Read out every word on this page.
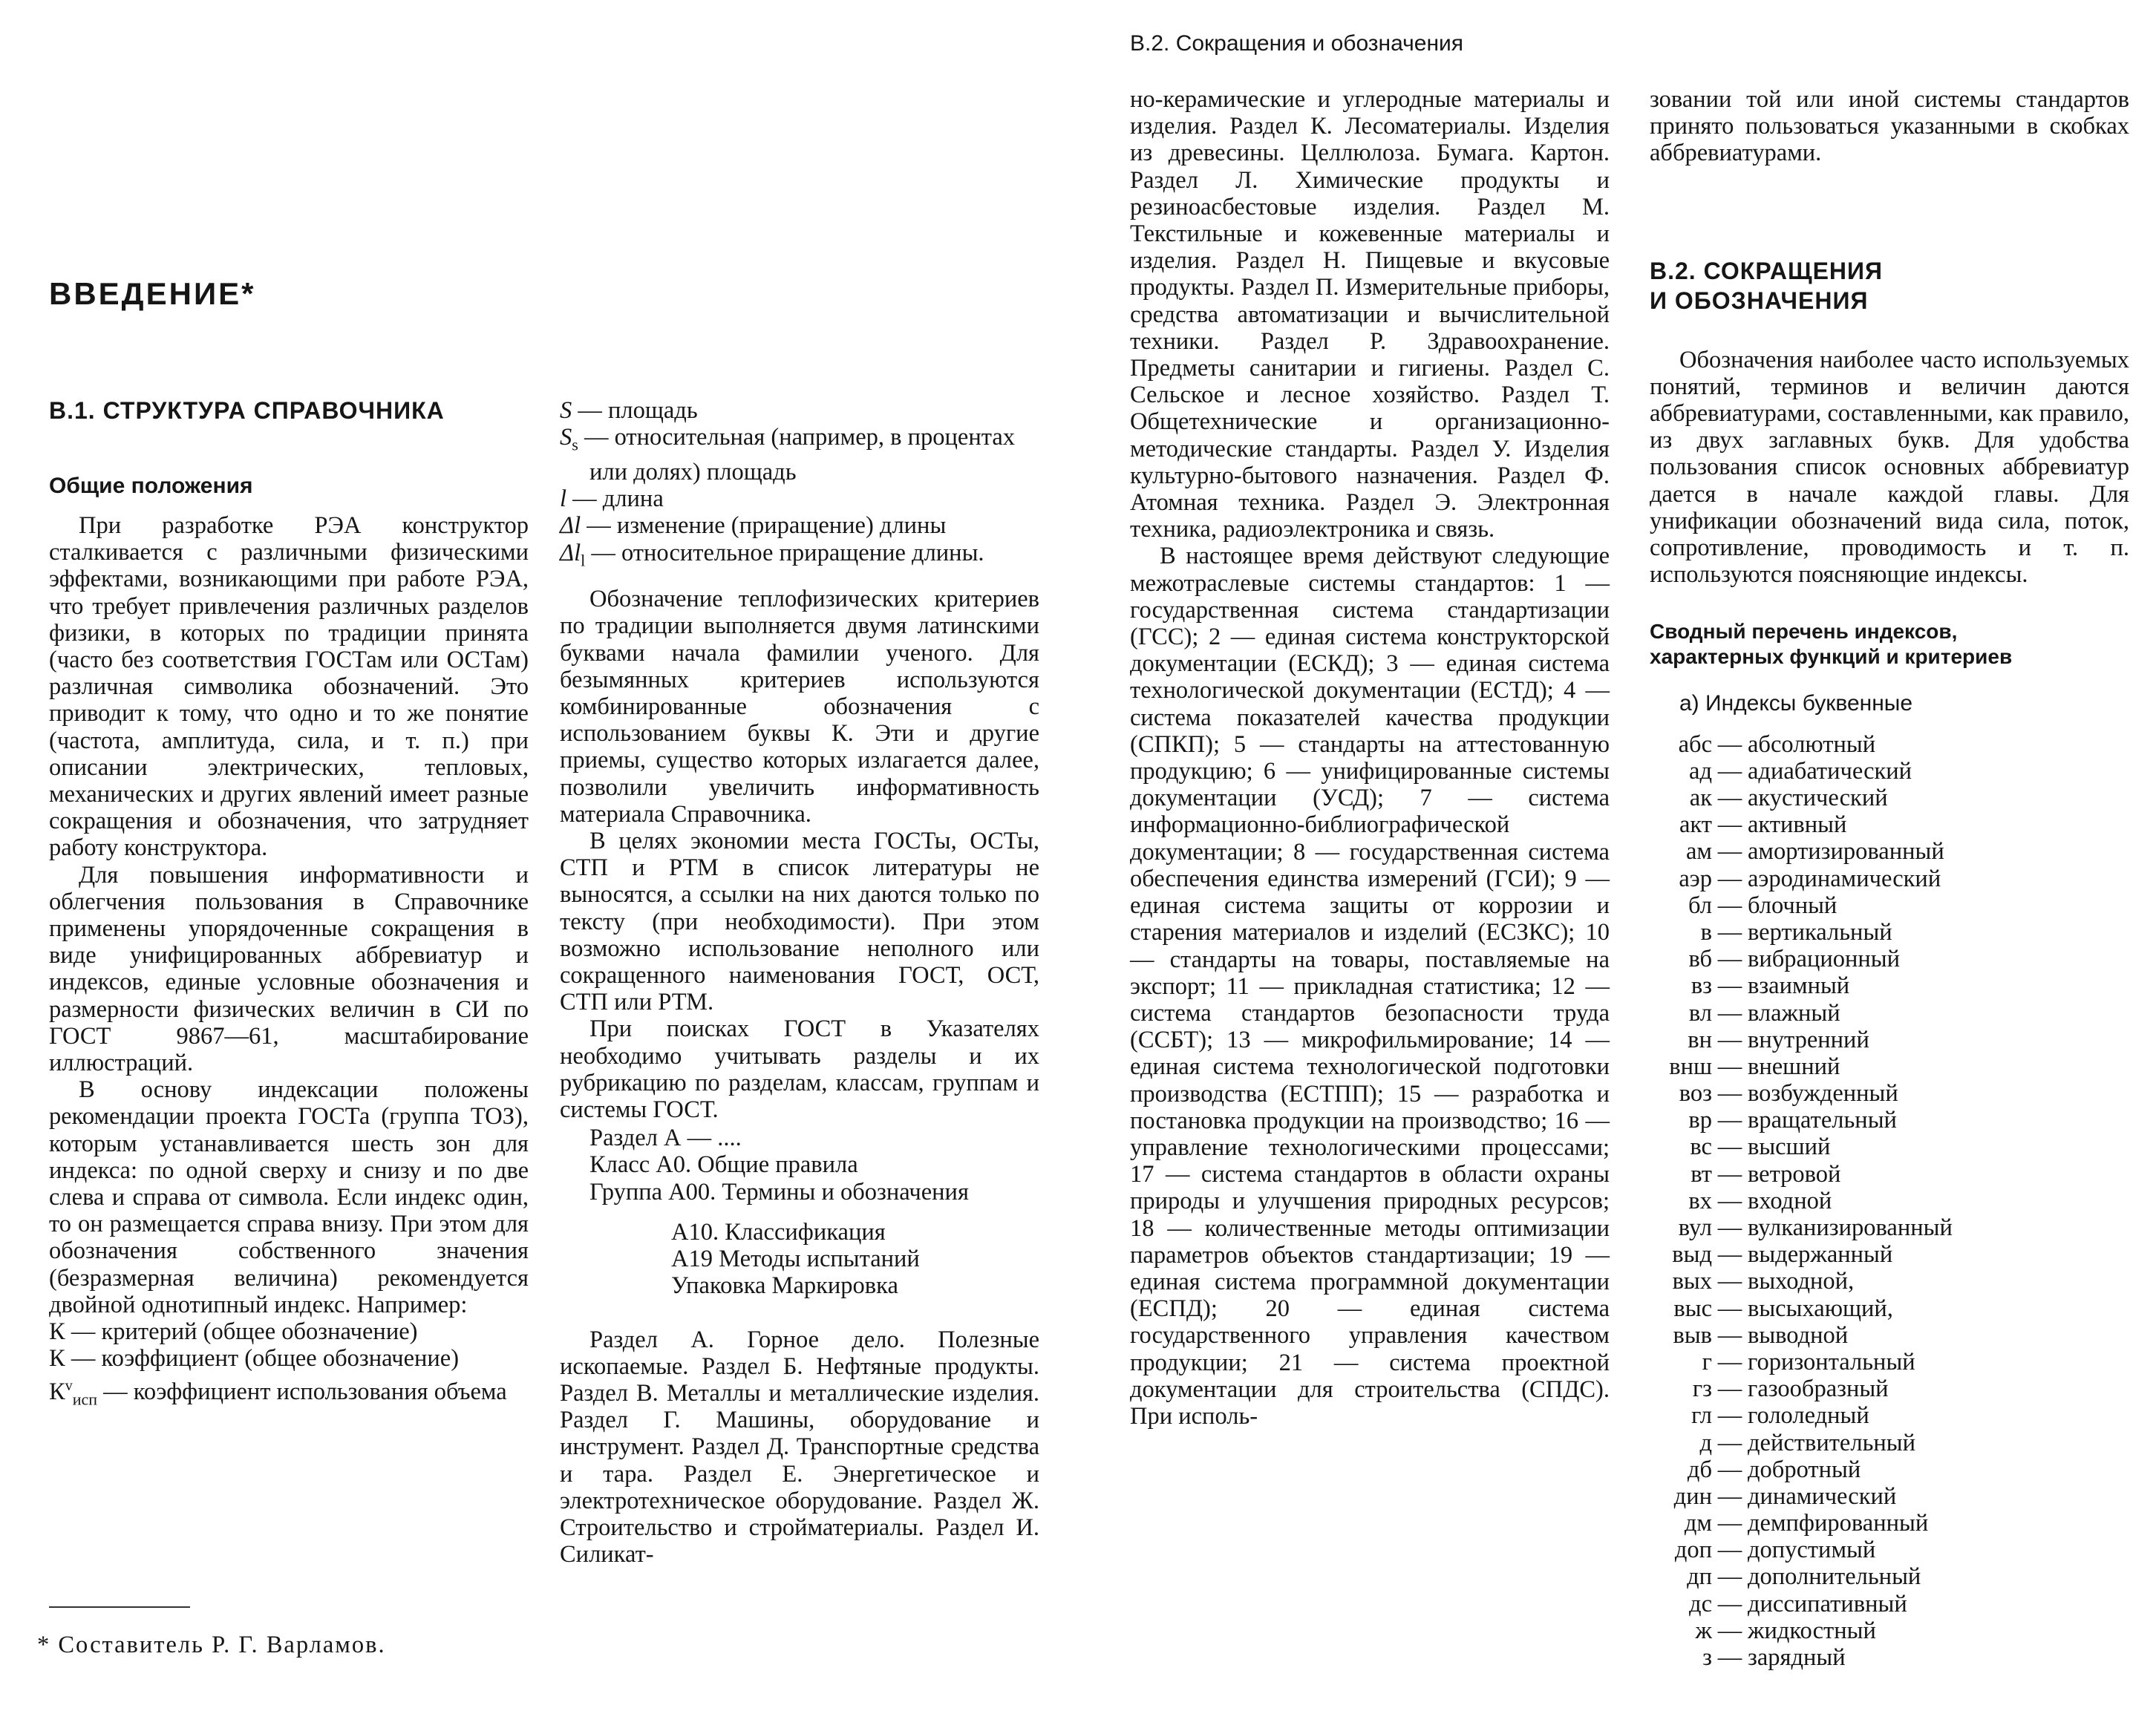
В.2. Сокращения и обозначения
ВВЕДЕНИЕ*
В.1. СТРУКТУРА СПРАВОЧНИКА
Общие положения

При разработке РЭА конструктор сталкивается с различными физическими эффектами, возникающими при работе РЭА, что требует привлечения различных разделов физики, в которых по традиции принята (часто без соответствия ГОСТам или ОСТам) различная символика обозначений. Это приводит к тому, что одно и то же понятие (частота, амплитуда, сила, и т. п.) при описании электрических, тепловых, механических и других явлений имеет разные сокращения и обозначения, что затрудняет работу конструктора.

Для повышения информативности и облегчения пользования в Справочнике применены упорядоченные сокращения в виде унифицированных аббревиатур и индексов, единые условные обозначения и размерности физических величин в СИ по ГОСТ 9867—61, масштабирование иллюстраций.

В основу индексации положены рекомендации проекта ГОСТа (группа ТОЗ), которым устанавливается шесть зон для индекса: по одной сверху и снизу и по две слева и справа от символа. Если индекс один, то он размещается справа внизу. При этом для обозначения собственного значения (безразмерная величина) рекомендуется двойной однотипный индекс. Например:

К — критерий (общее обозначение)

К — коэффициент (общее обозначение)

$К^v_{исп}$ — коэффициент использования объема

S — площадь

$S_s$ — относительная (например, в процентах или долях) площадь

l — длина

Δl — изменение (приращение) длины

$\Delta l_l$ — относительное приращение длины.

Обозначение теплофизических критериев по традиции выполняется двумя латинскими буквами начала фамилии ученого. Для безымянных критериев используются комбинированные обозначения с использованием буквы К. Эти и другие приемы, существо которых излагается далее, позволили увеличить информативность материала Справочника.

В целях экономии места ГОСТы, ОСТы, СТП и РТМ в список литературы не выносятся, а ссылки на них даются только по тексту (при необходимости). При этом возможно использование неполного или сокращенного наименования ГОСТ, ОСТ, СТП или РТМ.

При поисках ГОСТ в Указателях необходимо учитывать разделы и их рубрикацию по разделам, классам, группам и системы ГОСТ.

Раздел А — ....
Класс А0. Общие правила
Группа А00. Термины и обозначения
А10. Классификация
А19 Методы испытаний
Упаковка Маркировка

Раздел А. Горное дело. Полезные ископаемые. Раздел Б. Нефтяные продукты. Раздел В. Металлы и металлические изделия. Раздел Г. Машины, оборудование и инструмент. Раздел Д. Транспортные средства и тара. Раздел Е. Энергетическое и электротехническое оборудование. Раздел Ж. Строительство и стройматериалы. Раздел И. Силикат-

но-керамические и углеродные материалы и изделия. Раздел К. Лесоматериалы. Изделия из древесины. Целлюлоза. Бумага. Картон. Раздел Л. Химические продукты и резиноасбестовые изделия. Раздел М. Текстильные и кожевенные материалы и изделия. Раздел Н. Пищевые и вкусовые продукты. Раздел П. Измерительные приборы, средства автоматизации и вычислительной техники. Раздел Р. Здравоохранение. Предметы санитарии и гигиены. Раздел С. Сельское и лесное хозяйство. Раздел Т. Общетехнические и организационно-методические стандарты. Раздел У. Изделия культурно-бытового назначения. Раздел Ф. Атомная техника. Раздел Э. Электронная техника, радиоэлектроника и связь.

В настоящее время действуют следующие межотраслевые системы стандартов: 1 — государственная система стандартизации (ГСС); 2 — единая система конструкторской документации (ЕСКД); 3 — единая система технологической документации (ЕСТД); 4 — система показателей качества продукции (СПКП); 5 — стандарты на аттестованную продукцию; 6 — унифицированные системы документации (УСД); 7 — система информационно-библиографической документации; 8 — государственная система обеспечения единства измерений (ГСИ); 9 — единая система защиты от коррозии и старения материалов и изделий (ЕСЗКС); 10 — стандарты на товары, поставляемые на экспорт; 11 — прикладная статистика; 12 — система стандартов безопасности труда (ССБТ); 13 — микрофильмирование; 14 — единая система технологической подготовки производства (ЕСТПП); 15 — разработка и постановка продукции на производство; 16 — управление технологическими процессами; 17 — система стандартов в области охраны природы и улучшения природных ресурсов; 18 — количественные методы оптимизации параметров объектов стандартизации; 19 — единая система программной документации (ЕСПД); 20 — единая система государственного управления качеством продукции; 21 — система проектной документации для строительства (СПДС). При исполь-

зовании той или иной системы стандартов принято пользоваться указанными в скобках аббревиатурами.

В.2. СОКРАЩЕНИЯ
И ОБОЗНАЧЕНИЯ

Обозначения наиболее часто используемых понятий, терминов и величин даются аббревиатурами, составленными, как правило, из двух заглавных букв. Для удобства пользования список основных аббревиатур дается в начале каждой главы. Для унификации обозначений вида сила, поток, сопротивление, проводимость и т. п. используются поясняющие индексы.

Сводный перечень индексов,
характерных функций и критериев
а) Индексы буквенные
абс — абсолютный
ад — адиабатический
ак — акустический
акт — активный
ам — амортизированный
аэр — аэродинамический
бл — блочный
в — вертикальный
вб — вибрационный
вз — взаимный
вл — влажный
вн — внутренний
внш — внешний
воз — возбужденный
вр — вращательный
вс — высший
вт — ветровой
вх — входной
вул — вулканизированный
выд — выдержанный
вых — выходной,
выс — высыхающий,
выв — выводной
г — горизонтальный
гз — газообразный
гл — гололедный
д — действительный
дб — добротный
дин — динамический
дм — демпфированный
доп — допустимый
дп — дополнительный
дс — диссипативный
ж — жидкостный
з — зарядный
* Составитель Р. Г. Варламов.
